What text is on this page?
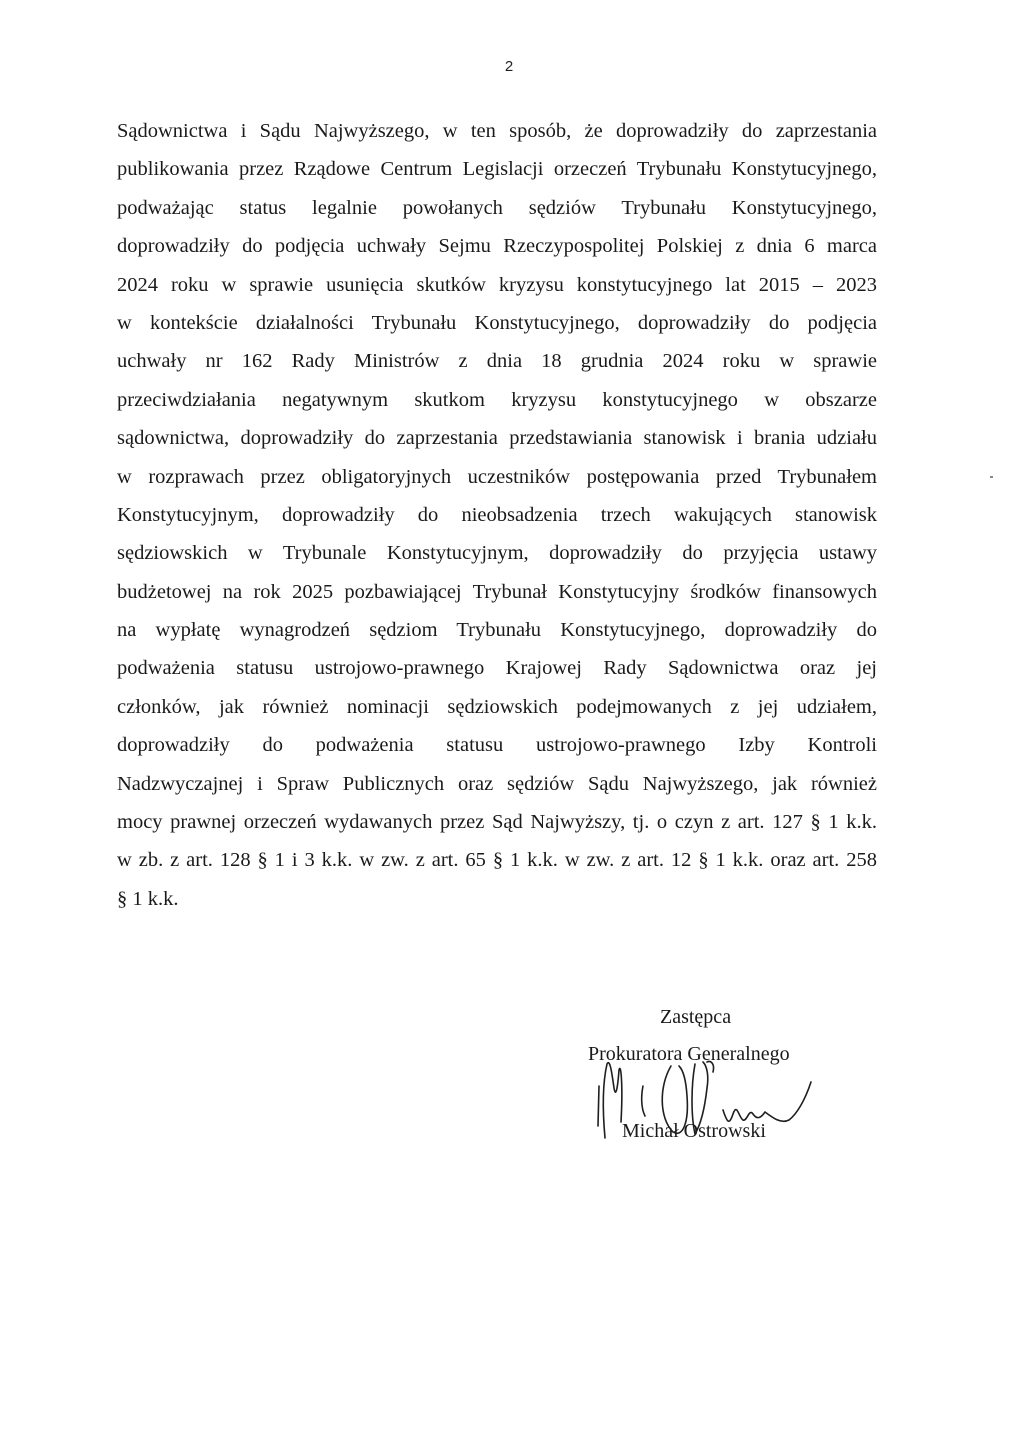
2
Sądownictwa i Sądu Najwyższego, w ten sposób, że doprowadziły do zaprzestania
publikowania przez Rządowe Centrum Legislacji orzeczeń Trybunału Konstytucyjnego,
podważając status legalnie powołanych sędziów Trybunału Konstytucyjnego,
doprowadziły do podjęcia uchwały Sejmu Rzeczypospolitej Polskiej z dnia 6 marca
2024 roku w sprawie usunięcia skutków kryzysu konstytucyjnego lat 2015 – 2023
w kontekście działalności Trybunału Konstytucyjnego, doprowadziły do podjęcia
uchwały nr 162 Rady Ministrów z dnia 18 grudnia 2024 roku w sprawie
przeciwdziałania negatywnym skutkom kryzysu konstytucyjnego w obszarze
sądownictwa, doprowadziły do zaprzestania przedstawiania stanowisk i brania udziału
w rozprawach przez obligatoryjnych uczestników postępowania przed Trybunałem
Konstytucyjnym, doprowadziły do nieobsadzenia trzech wakujących stanowisk
sędziowskich w Trybunale Konstytucyjnym, doprowadziły do przyjęcia ustawy
budżetowej na rok 2025 pozbawiającej Trybunał Konstytucyjny środków finansowych
na wypłatę wynagrodzeń sędziom Trybunału Konstytucyjnego, doprowadziły do
podważenia statusu ustrojowo-prawnego Krajowej Rady Sądownictwa oraz jej
członków, jak również nominacji sędziowskich podejmowanych z jej udziałem,
doprowadziły do podważenia statusu ustrojowo-prawnego Izby Kontroli
Nadzwyczajnej i Spraw Publicznych oraz sędziów Sądu Najwyższego, jak również
mocy prawnej orzeczeń wydawanych przez Sąd Najwyższy, tj. o czyn z art. 127 § 1 k.k.
w zb. z art. 128 § 1 i 3 k.k. w zw. z art. 65 § 1 k.k. w zw. z art. 12 § 1 k.k. oraz art. 258
§ 1 k.k.
Zastępca
Prokuratora Generalnego
Michał Ostrowski
